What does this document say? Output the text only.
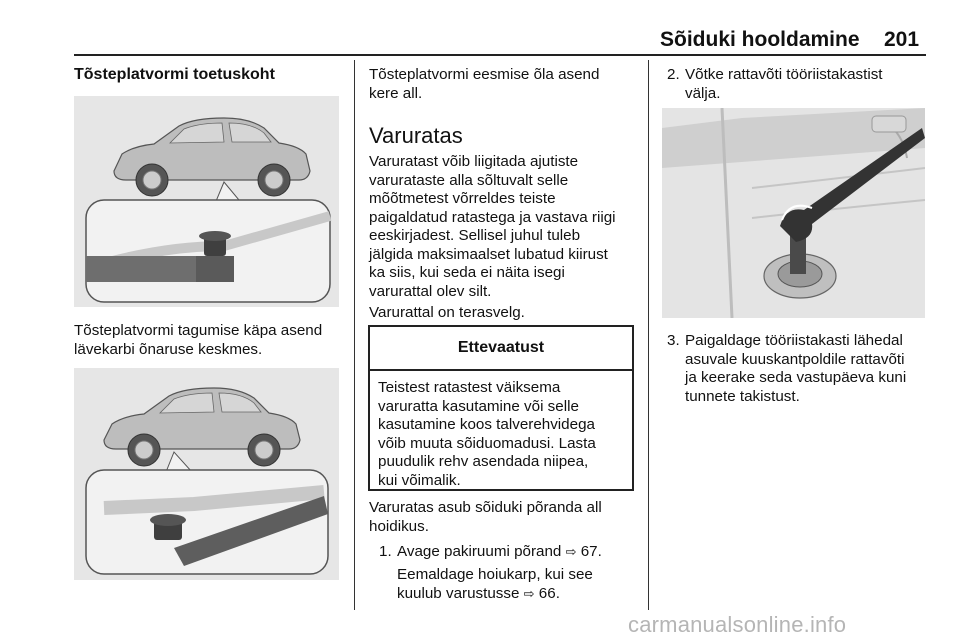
Sõiduki hooldamine 201
Tõsteplatvormi toetuskoht

Tõsteplatvormi tagumise käpa asend

lävekarbi õnaruse keskmes.

Tõsteplatvormi eesmise õla asend

kere all.

Varuratas

Varuratast võib liigitada ajutiste

varurataste alla sõltuvalt selle

mõõtmetest võrreldes teiste

paigaldatud ratastega ja vastava riigi

eeskirjadest. Sellisel juhul tuleb

jälgida maksimaalset lubatud kiirust

ka siis, kui seda ei näita isegi

varurattal olev silt.

Varurattal on terasvelg.

Ettevaatust

Teistest ratastest väiksema

varuratta kasutamine või selle

kasutamine koos talverehvidega

võib muuta sõiduomadusi. Lasta

puudulik rehv asendada niipea,

kui võimalik.

Varuratas asub sõiduki põranda all

hoidikus.

1. Avage pakiruumi põrand ⇨ 67.

Eemaldage hoiukarp, kui see

kuulub varustusse ⇨ 66.

2. Võtke rattavõti tööriistakastist
välja.
3. Paigaldage tööriistakasti lähedal
asuvale kuuskantpoldile rattavõti
ja keerake seda vastupäeva kuni
tunnete takistust.
carmanualsonline.info
